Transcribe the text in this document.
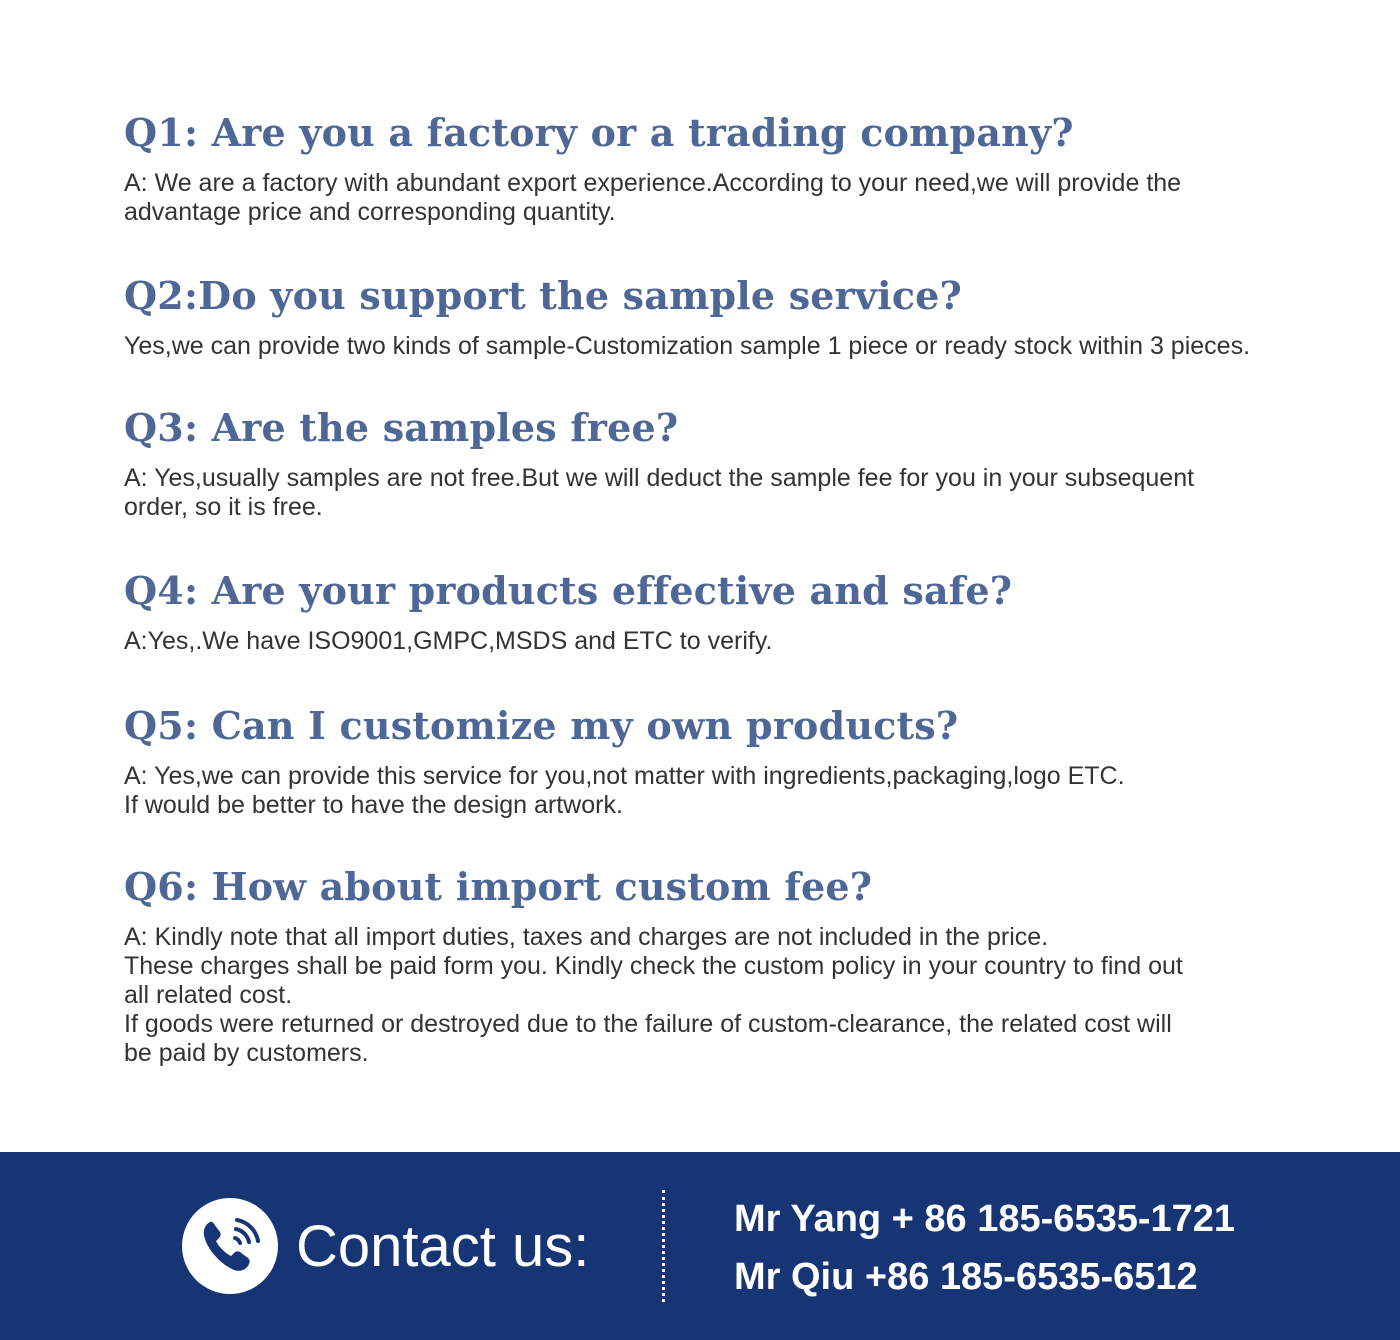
Q1: Are you a factory or a trading company?

A: We are a factory with abundant export experience.According to your need,we will provide the
advantage price and corresponding quantity.

Q2:Do you support the sample service?

Yes,we can provide two kinds of sample-Customization sample 1 piece or ready stock within 3 pieces.

Q3: Are the samples free?

A: Yes,usually samples are not free.But we will deduct the sample fee for you in your subsequent
order, so it is free.

Q4: Are your products effective and safe?

A:Yes,.We have ISO9001,GMPC,MSDS and ETC to verify.

Q5: Can I customize my own products?

A: Yes,we can provide this service for you,not matter with ingredients,packaging,logo ETC.
If would be better to have the design artwork.

Q6: How about import custom fee?

A: Kindly note that all import duties, taxes and charges are not included in the price.
These charges shall be paid form you. Kindly check the custom policy in your country to find out
all related cost.
If goods were returned or destroyed due to the failure of custom-clearance, the related cost will
be paid by customers.

Contact us:	Mr Yang + 86 185-6535-1721
Mr Qiu +86 185-6535-6512
